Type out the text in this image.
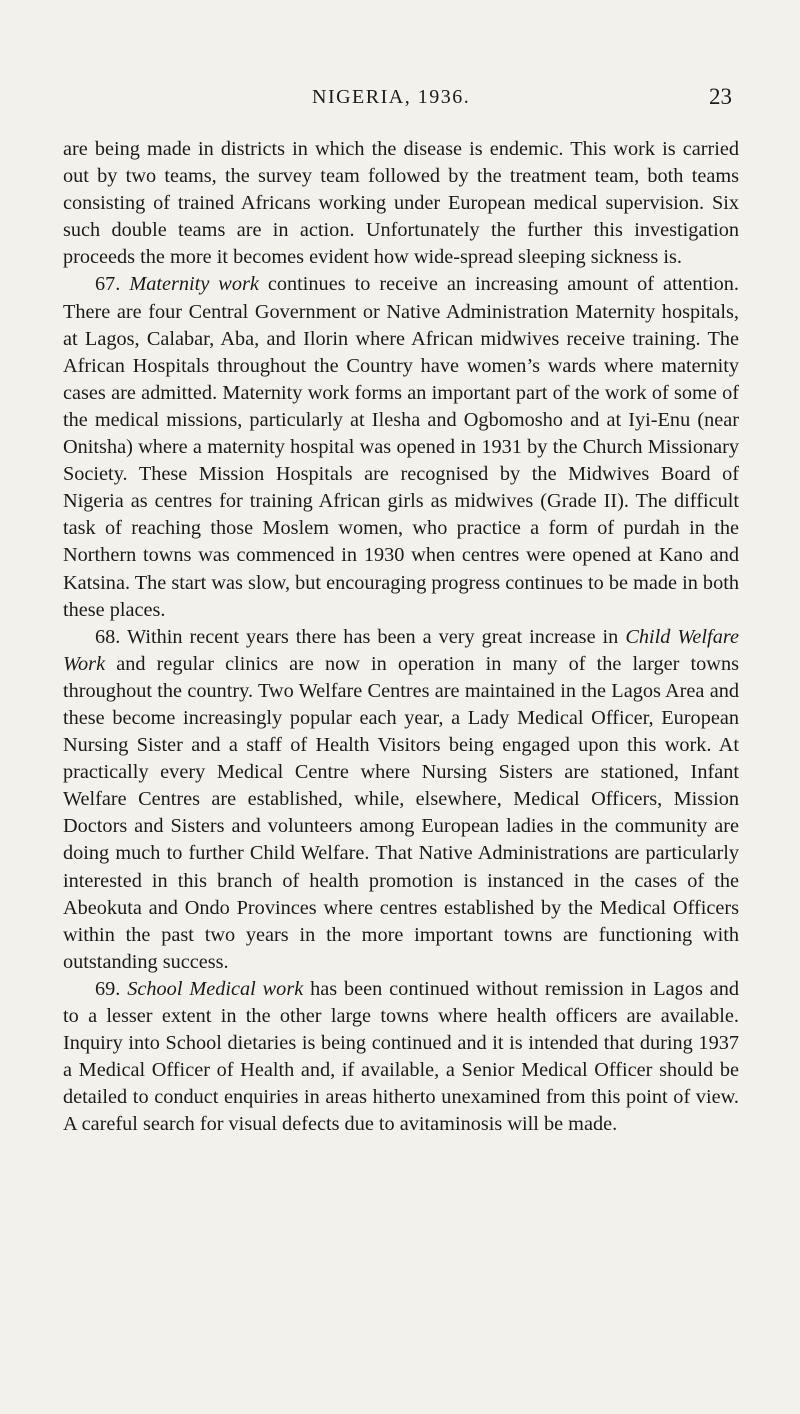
NIGERIA, 1936.	23

are being made in districts in which the disease is endemic. This work is carried out by two teams, the survey team followed by the treatment team, both teams consisting of trained Africans working under European medical supervision. Six such double teams are in action. Unfortunately the further this investigation proceeds the more it becomes evident how wide-spread sleeping sickness is.

67. Maternity work continues to receive an increasing amount of attention. There are four Central Government or Native Administration Maternity hospitals, at Lagos, Calabar, Aba, and Ilorin where African midwives receive training. The African Hospitals throughout the Country have women’s wards where maternity cases are admitted. Maternity work forms an important part of the work of some of the medical missions, particularly at Ilesha and Ogbomosho and at Iyi-Enu (near Onitsha) where a maternity hospital was opened in 1931 by the Church Missionary Society. These Mission Hospitals are recognised by the Midwives Board of Nigeria as centres for training African girls as midwives (Grade II). The difficult task of reaching those Moslem women, who practice a form of purdah in the Northern towns was commenced in 1930 when centres were opened at Kano and Katsina. The start was slow, but encouraging progress continues to be made in both these places.

68. Within recent years there has been a very great increase in Child Welfare Work and regular clinics are now in operation in many of the larger towns throughout the country. Two Welfare Centres are maintained in the Lagos Area and these become increasingly popular each year, a Lady Medical Officer, European Nursing Sister and a staff of Health Visitors being engaged upon this work. At practically every Medical Centre where Nursing Sisters are stationed, Infant Welfare Centres are established, while, elsewhere, Medical Officers, Mission Doctors and Sisters and volunteers among European ladies in the community are doing much to further Child Welfare. That Native Administrations are particularly interested in this branch of health promotion is instanced in the cases of the Abeokuta and Ondo Provinces where centres established by the Medical Officers within the past two years in the more important towns are functioning with outstanding success.

69. School Medical work has been continued without remission in Lagos and to a lesser extent in the other large towns where health officers are available. Inquiry into School dietaries is being continued and it is intended that during 1937 a Medical Officer of Health and, if available, a Senior Medical Officer should be detailed to conduct enquiries in areas hitherto unexamined from this point of view. A careful search for visual defects due to avitaminosis will be made.
